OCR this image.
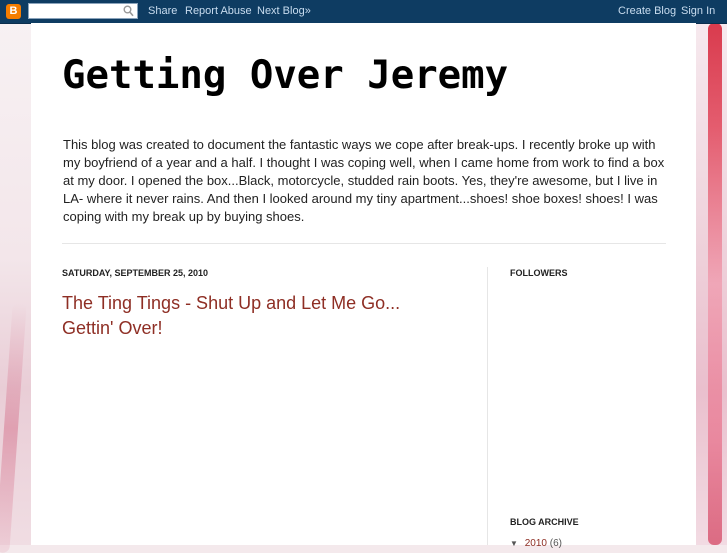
B	Share Report Abuse Next Blog»	Create Blog Sign In
Getting Over Jeremy

This blog was created to document the fantastic ways we cope after break-ups. I recently broke up with my boyfriend of a year and a half. I thought I was coping well, when I came home from work to find a box at my door. I opened the box...Black, motorcycle, studded rain boots. Yes, they're awesome, but I live in LA- where it never rains. And then I looked around my tiny apartment...shoes! shoe boxes! shoes! I was coping with my break up by buying shoes.

SATURDAY, SEPTEMBER 25, 2010
The Ting Tings - Shut Up and Let Me Go... Gettin' Over!
FOLLOWERS
BLOG ARCHIVE
▼ 2010 (6)
